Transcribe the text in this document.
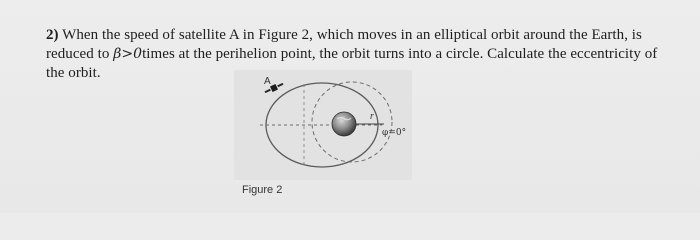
2) When the speed of satellite A in Figure 2, which moves in an elliptical orbit around the Earth, is
reduced to β>0times at the perihelion point, the orbit turns into a circle. Calculate the eccentricity of
the orbit.
A
r
φ=0°
Figure 2
